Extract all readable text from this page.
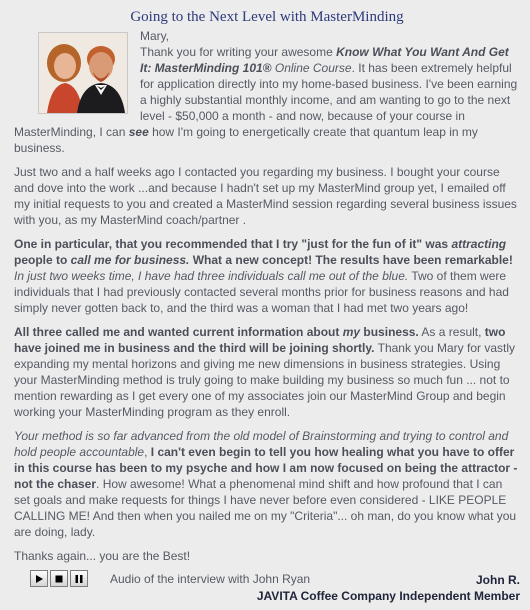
Going to the Next Level with MasterMinding

Mary,
Thank you for writing your awesome Know What You Want And Get It: MasterMinding 101® Online Course. It has been extremely helpful for application directly into my home-based business. I've been earning a highly substantial monthly income, and am wanting to go to the next level - $50,000 a month - and now, because of your course in MasterMinding, I can see how I'm going to energetically create that quantum leap in my business.

Just two and a half weeks ago I contacted you regarding my business. I bought your course and dove into the work ...and because I hadn't set up my MasterMind group yet, I emailed off my initial requests to you and created a MasterMind session regarding several business issues with you, as my MasterMind coach/partner .

One in particular, that you recommended that I try "just for the fun of it" was attracting people to call me for business. What a new concept! The results have been remarkable! In just two weeks time, I have had three individuals call me out of the blue. Two of them were individuals that I had previously contacted several months prior for business reasons and had simply never gotten back to, and the third was a woman that I had met two years ago!

All three called me and wanted current information about my business. As a result, two have joined me in business and the third will be joining shortly. Thank you Mary for vastly expanding my mental horizons and giving me new dimensions in business strategies. Using your MasterMinding method is truly going to make building my business so much fun ... not to mention rewarding as I get every one of my associates join our MasterMind Group and begin working your MasterMinding program as they enroll.

Your method is so far advanced from the old model of Brainstorming and trying to control and hold people accountable, I can't even begin to tell you how healing what you have to offer in this course has been to my psyche and how I am now focused on being the attractor - not the chaser. How awesome! What a phenomenal mind shift and how profound that I can set goals and make requests for things I have never before even considered - LIKE PEOPLE CALLING ME! And then when you nailed me on my "Criteria"... oh man, do you know what you are doing, lady.

Thanks again... you are the Best!

John R.
JAVITA Coffee Company Independent Member
Audio of the interview with John Ryan
